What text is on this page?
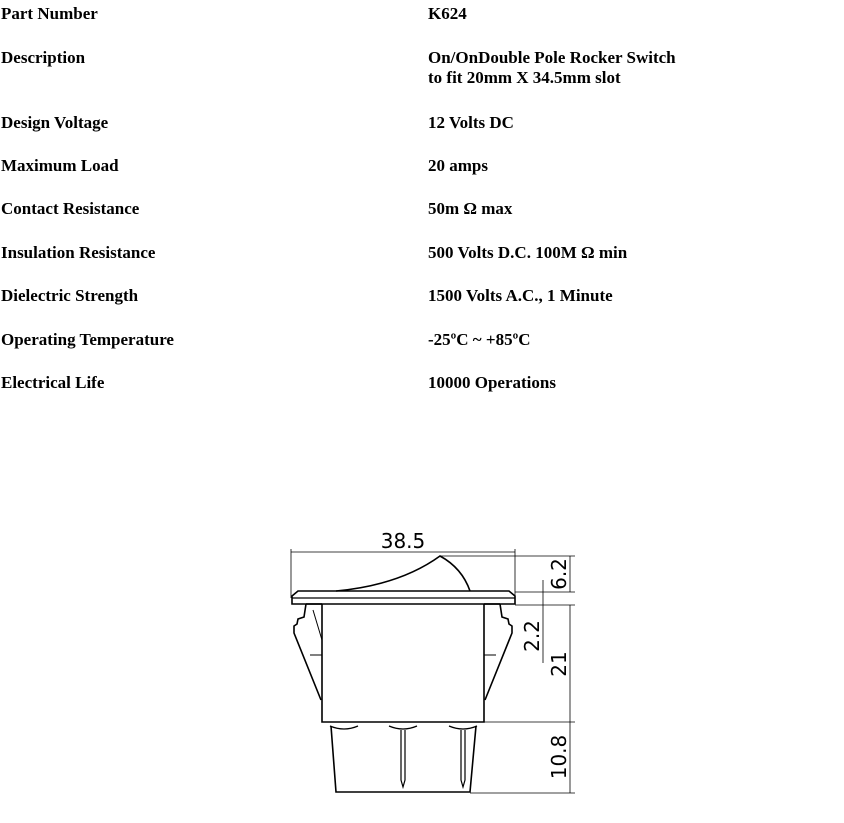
Part Number	K624
Description	On/OnDouble Pole Rocker Switch
to fit 20mm X 34.5mm slot
Design Voltage	12 Volts DC
Maximum Load	20 amps
Contact Resistance	50m Ω max
Insulation Resistance	500 Volts D.C. 100M Ω min
Dielectric Strength	1500 Volts A.C., 1 Minute
Operating Temperature	-25ºC ~ +85ºC
Electrical Life	10000 Operations
38.5
6.2
2.2
21
10.8
